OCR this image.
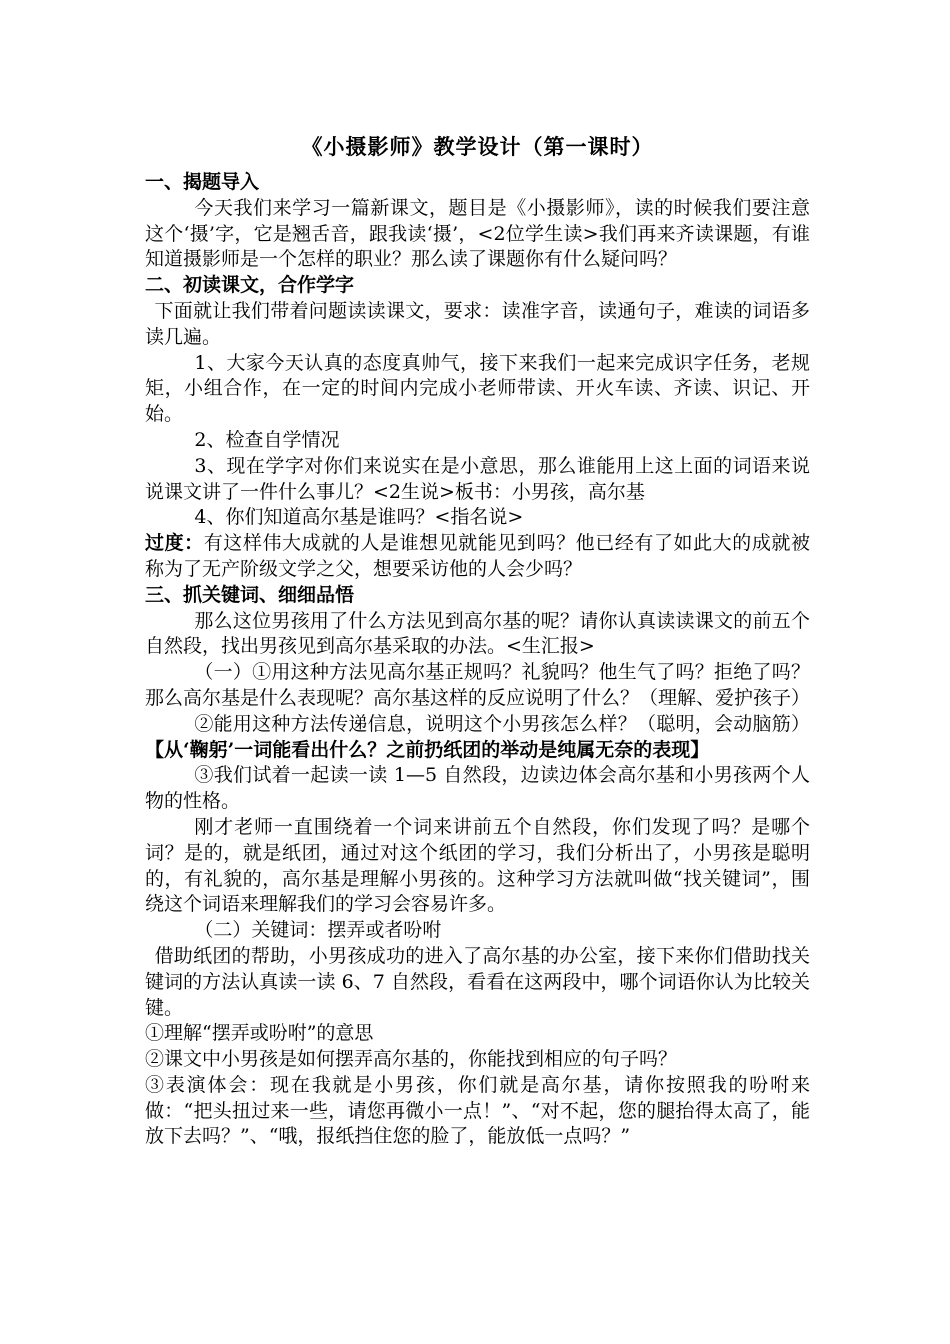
《小摄影师》教学设计（第一课时）

一、揭题导入

今天我们来学习一篇新课文，题目是《小摄影师》，读的时候我们要注意这个‘摄’字，它是翘舌音，跟我读‘摄’，<2位学生读>我们再来齐读课题，有谁知道摄影师是一个怎样的职业？那么读了课题你有什么疑问吗？

二、初读课文，合作学字

下面就让我们带着问题读读课文，要求：读准字音，读通句子，难读的词语多读几遍。

1、大家今天认真的态度真帅气，接下来我们一起来完成识字任务，老规矩，小组合作，在一定的时间内完成小老师带读、开火车读、齐读、识记、开始。

2、检查自学情况

3、现在学字对你们来说实在是小意思，那么谁能用上这上面的词语来说说课文讲了一件什么事儿？<2生说>板书：小男孩，高尔基

4、你们知道高尔基是谁吗？<指名说>

过度：有这样伟大成就的人是谁想见就能见到吗？他已经有了如此大的成就被称为了无产阶级文学之父，想要采访他的人会少吗？

三、抓关键词、细细品悟

那么这位男孩用了什么方法见到高尔基的呢？请你认真读读课文的前五个自然段，找出男孩见到高尔基采取的办法。<生汇报>

（一）①用这种方法见高尔基正规吗？礼貌吗？他生气了吗？拒绝了吗？那么高尔基是什么表现呢？高尔基这样的反应说明了什么？（理解、爱护孩子）

②能用这种方法传递信息，说明这个小男孩怎么样？（聪明，会动脑筋）【从‘鞠躬’一词能看出什么？之前扔纸团的举动是纯属无奈的表现】

③我们试着一起读一读 1—5 自然段，边读边体会高尔基和小男孩两个人物的性格。

刚才老师一直围绕着一个词来讲前五个自然段，你们发现了吗？是哪个词？是的，就是纸团，通过对这个纸团的学习，我们分析出了，小男孩是聪明的，有礼貌的，高尔基是理解小男孩的。这种学习方法就叫做“找关键词”，围绕这个词语来理解我们的学习会容易许多。

（二）关键词：摆弄或者吩咐

借助纸团的帮助，小男孩成功的进入了高尔基的办公室，接下来你们借助找关键词的方法认真读一读 6、7 自然段，看看在这两段中，哪个词语你认为比较关键。

①理解“摆弄或吩咐”的意思

②课文中小男孩是如何摆弄高尔基的，你能找到相应的句子吗？

③表演体会：现在我就是小男孩，你们就是高尔基，请你按照我的吩咐来做：“把头扭过来一些，请您再微小一点！”、“对不起，您的腿抬得太高了，能放下去吗？”、“哦，报纸挡住您的脸了，能放低一点吗？”
